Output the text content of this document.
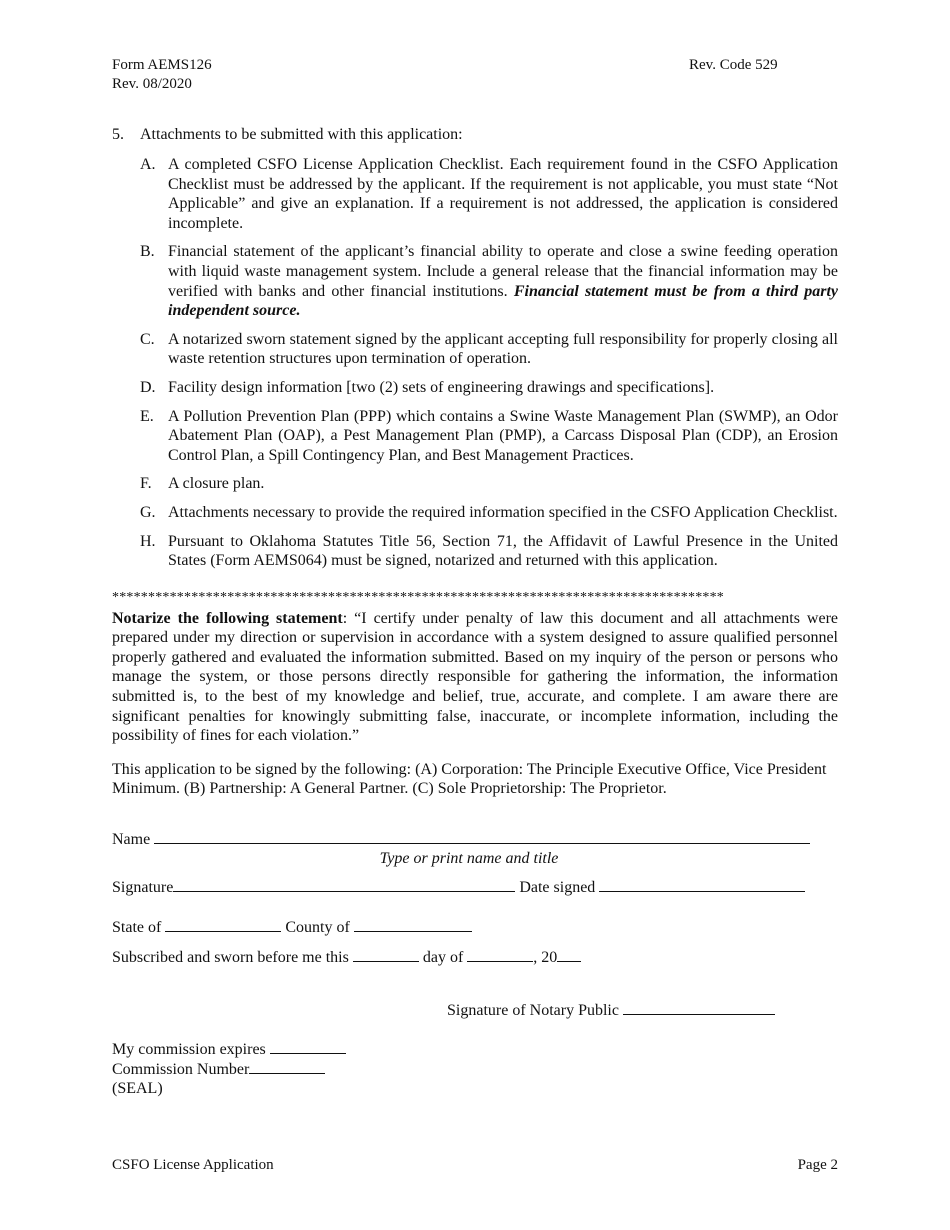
Form AEMS126
Rev. 08/2020
Rev. Code 529
5.	Attachments to be submitted with this application:
A. A completed CSFO License Application Checklist. Each requirement found in the CSFO Application Checklist must be addressed by the applicant. If the requirement is not applicable, you must state “Not Applicable” and give an explanation. If a requirement is not addressed, the application is considered incomplete.
B. Financial statement of the applicant’s financial ability to operate and close a swine feeding operation with liquid waste management system. Include a general release that the financial information may be verified with banks and other financial institutions. Financial statement must be from a third party independent source.
C. A notarized sworn statement signed by the applicant accepting full responsibility for properly closing all waste retention structures upon termination of operation.
D. Facility design information [two (2) sets of engineering drawings and specifications].
E. A Pollution Prevention Plan (PPP) which contains a Swine Waste Management Plan (SWMP), an Odor Abatement Plan (OAP), a Pest Management Plan (PMP), a Carcass Disposal Plan (CDP), an Erosion Control Plan, a Spill Contingency Plan, and Best Management Practices.
F.	A closure plan.
G. Attachments necessary to provide the required information specified in the CSFO Application Checklist.
H. Pursuant to Oklahoma Statutes Title 56, Section 71, the Affidavit of Lawful Presence in the United States (Form AEMS064) must be signed, notarized and returned with this application.
*************************************************************************************
Notarize the following statement: “I certify under penalty of law this document and all attachments were prepared under my direction or supervision in accordance with a system designed to assure qualified personnel properly gathered and evaluated the information submitted. Based on my inquiry of the person or persons who manage the system, or those persons directly responsible for gathering the information, the information submitted is, to the best of my knowledge and belief, true, accurate, and complete. I am aware there are significant penalties for knowingly submitting false, inaccurate, or incomplete information, including the possibility of fines for each violation.”
This application to be signed by the following: (A) Corporation: The Principle Executive Office, Vice President Minimum. (B) Partnership: A General Partner. (C) Sole Proprietorship: The Proprietor.
Name
Type or print name and title
Signature	Date signed
State of	County of
Subscribed and sworn before me this	day of	, 20
Signature of Notary Public
My commission expires
Commission Number
(SEAL)
CSFO License Application	Page 2
